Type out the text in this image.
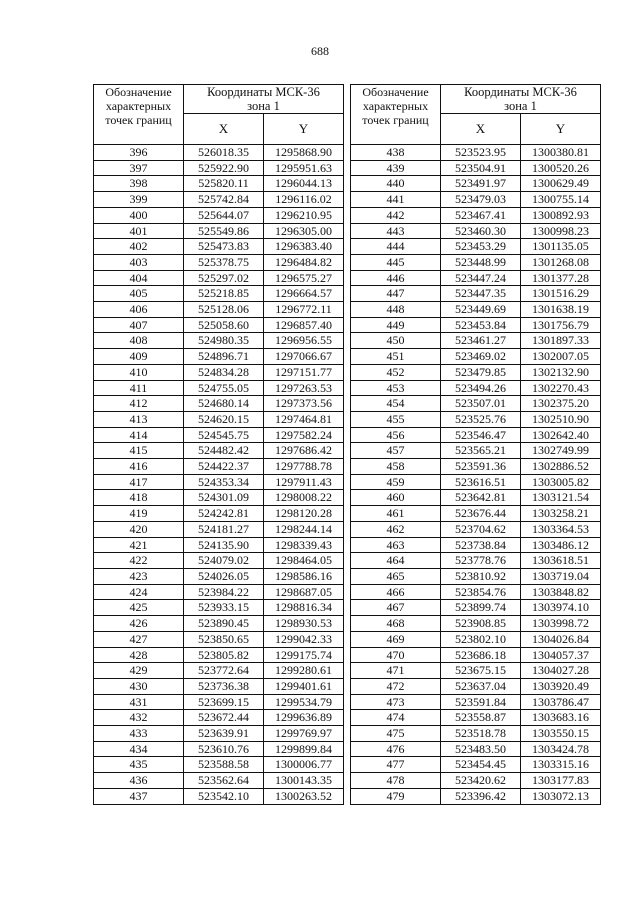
688
Обозначение характерных точек границ	Координаты МСК-36
зона 1	
	X	Y
396	526018.35	1295868.90
397	525922.90	1295951.63
398	525820.11	1296044.13
399	525742.84	1296116.02
400	525644.07	1296210.95
401	525549.86	1296305.00
402	525473.83	1296383.40
403	525378.75	1296484.82
404	525297.02	1296575.27
405	525218.85	1296664.57
406	525128.06	1296772.11
407	525058.60	1296857.40
408	524980.35	1296956.55
409	524896.71	1297066.67
410	524834.28	1297151.77
411	524755.05	1297263.53
412	524680.14	1297373.56
413	524620.15	1297464.81
414	524545.75	1297582.24
415	524482.42	1297686.42
416	524422.37	1297788.78
417	524353.34	1297911.43
418	524301.09	1298008.22
419	524242.81	1298120.28
420	524181.27	1298244.14
421	524135.90	1298339.43
422	524079.02	1298464.05
423	524026.05	1298586.16
424	523984.22	1298687.05
425	523933.15	1298816.34
426	523890.45	1298930.53
427	523850.65	1299042.33
428	523805.82	1299175.74
429	523772.64	1299280.61
430	523736.38	1299401.61
431	523699.15	1299534.79
432	523672.44	1299636.89
433	523639.91	1299769.97
434	523610.76	1299899.84
435	523588.58	1300006.77
436	523562.64	1300143.35
437	523542.10	1300263.52
Обозначение характерных точек границ	Координаты МСК-36
зона 1	
	X	Y
438	523523.95	1300380.81
439	523504.91	1300520.26
440	523491.97	1300629.49
441	523479.03	1300755.14
442	523467.41	1300892.93
443	523460.30	1300998.23
444	523453.29	1301135.05
445	523448.99	1301268.08
446	523447.24	1301377.28
447	523447.35	1301516.29
448	523449.69	1301638.19
449	523453.84	1301756.79
450	523461.27	1301897.33
451	523469.02	1302007.05
452	523479.85	1302132.90
453	523494.26	1302270.43
454	523507.01	1302375.20
455	523525.76	1302510.90
456	523546.47	1302642.40
457	523565.21	1302749.99
458	523591.36	1302886.52
459	523616.51	1303005.82
460	523642.81	1303121.54
461	523676.44	1303258.21
462	523704.62	1303364.53
463	523738.84	1303486.12
464	523778.76	1303618.51
465	523810.92	1303719.04
466	523854.76	1303848.82
467	523899.74	1303974.10
468	523908.85	1303998.72
469	523802.10	1304026.84
470	523686.18	1304057.37
471	523675.15	1304027.28
472	523637.04	1303920.49
473	523591.84	1303786.47
474	523558.87	1303683.16
475	523518.78	1303550.15
476	523483.50	1303424.78
477	523454.45	1303315.16
478	523420.62	1303177.83
479	523396.42	1303072.13
